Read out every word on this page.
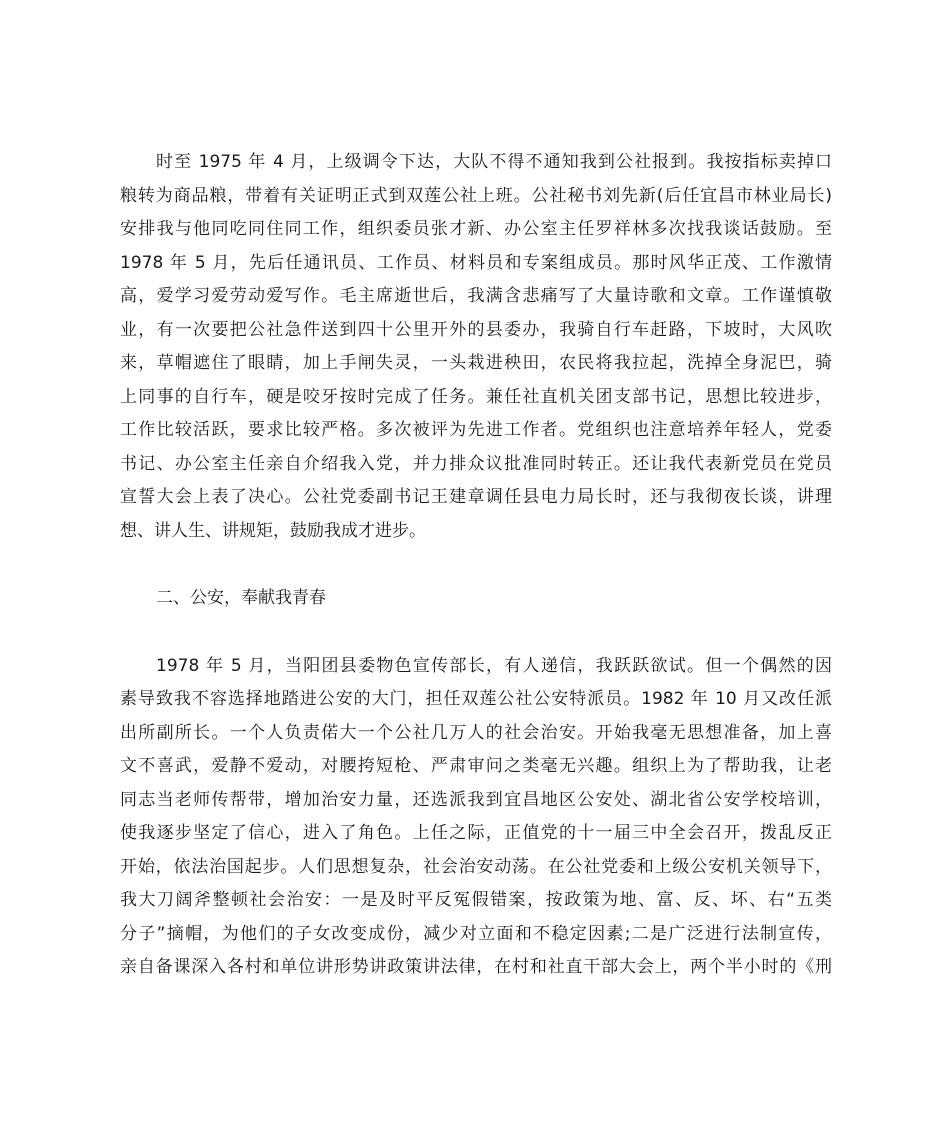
时至 1975 年 4 月，上级调令下达，大队不得不通知我到公社报到。我按指标卖掉口
粮转为商品粮，带着有关证明正式到双莲公社上班。公社秘书刘先新(后任宜昌市林业局长)
安排我与他同吃同住同工作，组织委员张才新、办公室主任罗祥林多次找我谈话鼓励。至
1978 年 5 月，先后任通讯员、工作员、材料员和专案组成员。那时风华正茂、工作激情
高，爱学习爱劳动爱写作。毛主席逝世后，我满含悲痛写了大量诗歌和文章。工作谨慎敬
业，有一次要把公社急件送到四十公里开外的县委办，我骑自行车赶路，下坡时，大风吹
来，草帽遮住了眼睛，加上手闸失灵，一头栽进秧田，农民将我拉起，洗掉全身泥巴，骑
上同事的自行车，硬是咬牙按时完成了任务。兼任社直机关团支部书记，思想比较进步，
工作比较活跃，要求比较严格。多次被评为先进工作者。党组织也注意培养年轻人，党委
书记、办公室主任亲自介绍我入党，并力排众议批准同时转正。还让我代表新党员在党员
宣誓大会上表了决心。公社党委副书记王建章调任县电力局长时，还与我彻夜长谈，讲理
想、讲人生、讲规矩，鼓励我成才进步。
二、公安，奉献我青春
1978 年 5 月，当阳团县委物色宣传部长，有人递信，我跃跃欲试。但一个偶然的因
素导致我不容选择地踏进公安的大门，担任双莲公社公安特派员。1982 年 10 月又改任派
出所副所长。一个人负责偌大一个公社几万人的社会治安。开始我毫无思想准备，加上喜
文不喜武，爱静不爱动，对腰挎短枪、严肃审问之类毫无兴趣。组织上为了帮助我，让老
同志当老师传帮带，增加治安力量，还选派我到宜昌地区公安处、湖北省公安学校培训，
使我逐步坚定了信心，进入了角色。上任之际，正值党的十一届三中全会召开，拨乱反正
开始，依法治国起步。人们思想复杂，社会治安动荡。在公社党委和上级公安机关领导下，
我大刀阔斧整顿社会治安：一是及时平反冤假错案，按政策为地、富、反、坏、右“五类
分子”摘帽，为他们的子女改变成份，减少对立面和不稳定因素;二是广泛进行法制宣传，
亲自备课深入各村和单位讲形势讲政策讲法律，在村和社直干部大会上，两个半小时的《刑
